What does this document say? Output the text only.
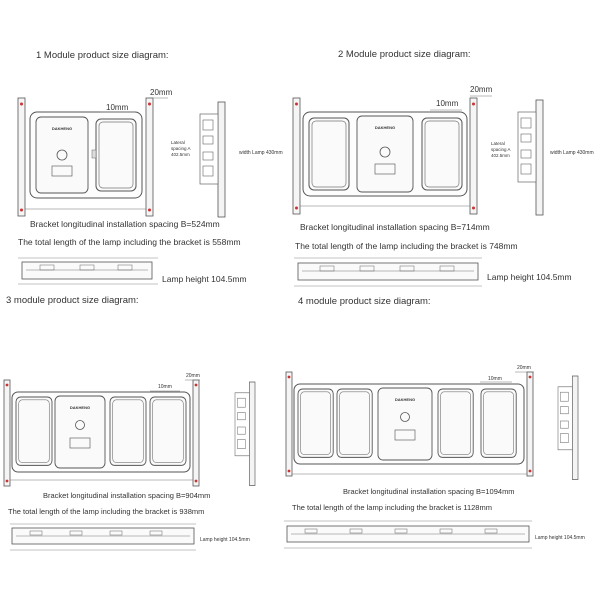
1 Module product size diagram:
DAKHENG
10mm
20mm
Lateral
spacing A
402.5mm	width Lamp 430mm
Bracket longitudinal installation spacing B=524mm
The total length of the lamp including the bracket is 558mm
Lamp height 104.5mm
2 Module product size diagram:
DAKHENG
10mm
20mm
Lateral
spacing A
402.5mm	width Lamp 430mm
Bracket longitudinal installation spacing B=714mm
The total length of the lamp including the bracket is 748mm
Lamp height 104.5mm
3 module product size diagram:
DAKHENG
10mm
20mm
Bracket longitudinal installation spacing B=904mm
The total length of the lamp including the bracket is 938mm
Lamp height 104.5mm
4 module product size diagram:
DAKHENG
10mm
20mm
Bracket longitudinal installation spacing B=1094mm
The total length of the lamp including the bracket is 1128mm
Lamp height 104.5mm
